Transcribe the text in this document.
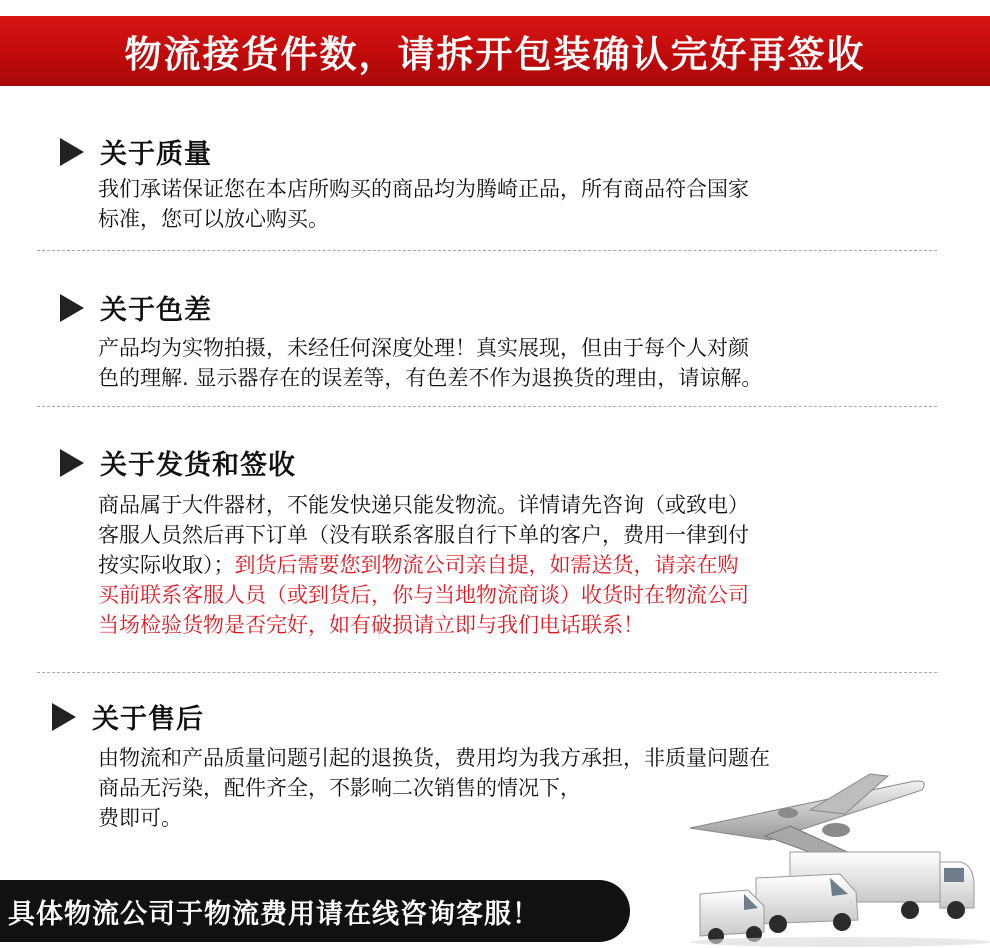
物流接货件数，请拆开包装确认完好再签收
关于质量

我们承诺保证您在本店所购买的商品均为腾崎正品，所有商品符合国家

标准，您可以放心购买。

关于色差

产品均为实物拍摄，未经任何深度处理！真实展现，但由于每个人对颜

色的理解. 显示器存在的误差等，有色差不作为退换货的理由，请谅解。

关于发货和签收

商品属于大件器材，不能发快递只能发物流。详情请先咨询（或致电）

客服人员然后再下订单（没有联系客服自行下单的客户，费用一律到付

按实际收取）；到货后需要您到物流公司亲自提，如需送货，请亲在购

买前联系客服人员（或到货后，你与当地物流商谈）收货时在物流公司

当场检验货物是否完好，如有破损请立即与我们电话联系！

关于售后

由物流和产品质量问题引起的退换货，费用均为我方承担，非质量问题在

商品无污染，配件齐全，不影响二次销售的情况下，

费即可。

具体物流公司于物流费用请在线咨询客服！
